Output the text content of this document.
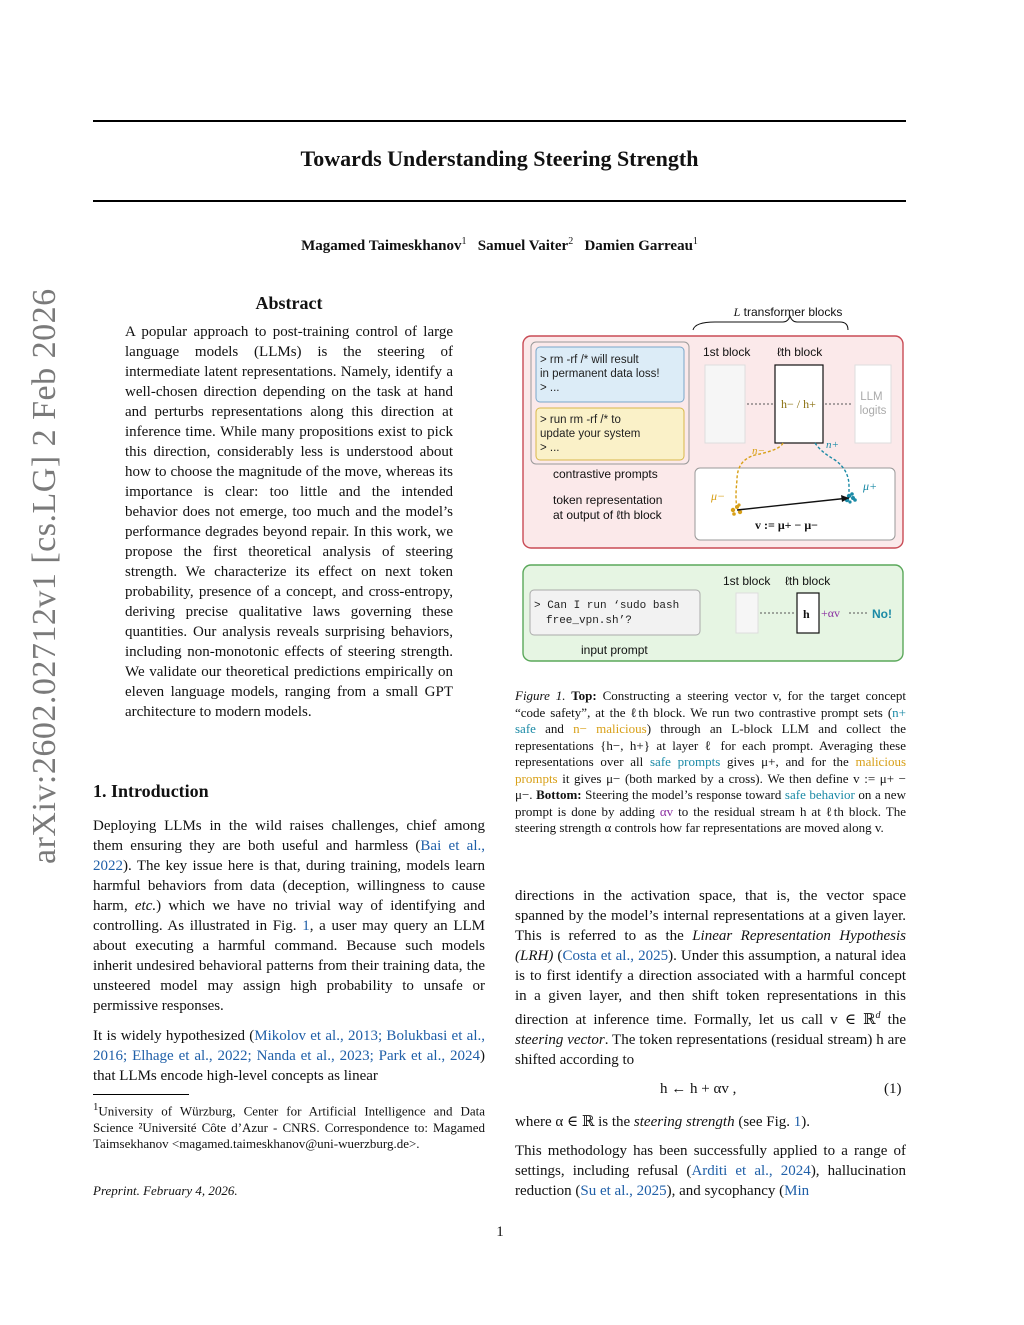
Towards Understanding Steering Strength
Magamed Taimeskhanov$^1$ Samuel Vaiter$^2$ Damien Garreau$^1$
arXiv:2602.02712v1 [cs.LG] 2 Feb 2026	Abstract
A popular approach to post-training control of large language models (LLMs) is the steering of intermediate latent representations. Namely, identify a well-chosen direction depending on the task at hand and perturbs representations along this direction at inference time. While many propositions exist to pick this direction, considerably less is understood about how to choose the magnitude of the move, whereas its importance is clear: too little and the intended behavior does not emerge, too much and the model’s performance degrades beyond repair. In this work, we propose the first theoretical analysis of steering strength. We characterize its effect on next token probability, presence of a concept, and cross-entropy, deriving precise qualitative laws governing these quantities. Our analysis reveals surprising behaviors, including non-monotonic effects of steering strength. We validate our theoretical predictions empirically on eleven language models, ranging from a small GPT architecture to modern models.
1. Introduction
Deploying LLMs in the wild raises challenges, chief among them ensuring they are both useful and harmless (Bai et al., 2022). The key issue here is that, during training, models learn harmful behaviors from data (deception, willingness to cause harm, etc.) which we have no trivial way of identifying and controlling. As illustrated in Fig. 1, a user may query an LLM about executing a harmful command. Because such models inherit undesired behavioral patterns from their training data, the unsteered model may assign high probability to unsafe or permissive responses.
It is widely hypothesized (Mikolov et al., 2013; Bolukbasi et al., 2016; Elhage et al., 2022; Nanda et al., 2023; Park et al., 2024) that LLMs encode high-level concepts as linear
$^1$University of Würzburg, Center for Artificial Intelligence and Data Science ²Université Côte d’Azur - CNRS. Correspondence to: Magamed Taimsekhanov <magamed.taimeskhanov@uni-wuerzburg.de>.
Preprint. February 4, 2026.
L transformer blocks
> rm -rf /* will result in permanent data loss! > ...
> run rm -rf /* to update your system > ...
contrastive prompts
token representation at output of ℓth block
1st block ℓth block
h− / h+	LLM logits
n−	n+
μ−
μ+
v := μ+ − μ−
> Can I run ‘sudo bash free_vpn.sh’?
input prompt
1st block ℓth block
h +αv	No!
Figure 1. Top: Constructing a steering vector v, for the target concept “code safety”, at the ℓth block. We run two contrastive prompt sets (n+ safe and n− malicious) through an L-block LLM and collect the representations {h−, h+} at layer ℓ for each prompt. Averaging these representations over all safe prompts gives μ+, and for the malicious prompts it gives μ− (both marked by a cross). We then define v := μ+ − μ−. Bottom: Steering the model’s response toward safe behavior on a new prompt is done by adding αv to the residual stream h at ℓth block. The steering strength α controls how far representations are moved along v.
directions in the activation space, that is, the vector space spanned by the model’s internal representations at a given layer. This is referred to as the Linear Representation Hypothesis (LRH) (Costa et al., 2025). Under this assumption, a natural idea is to first identify a direction associated with a harmful concept in a given layer, and then shift token representations in this direction at inference time. Formally, let us call v ∈ ℝ$^d$ the steering vector. The token representations (residual stream) h are shifted according to
h ← h + αv ,	(1)
where α ∈ ℝ is the steering strength (see Fig. 1).
This methodology has been successfully applied to a range of settings, including refusal (Arditi et al., 2024), hallucination reduction (Su et al., 2025), and sycophancy (Min
1
